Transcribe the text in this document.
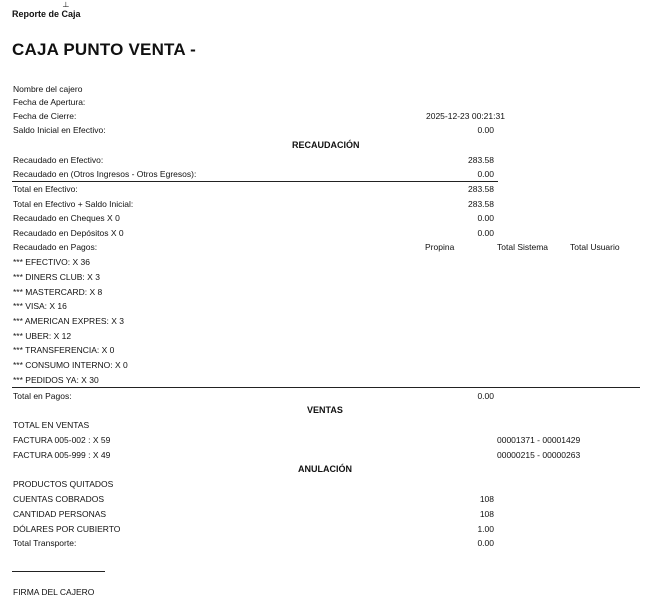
┴
Reporte de Caja
CAJA PUNTO VENTA -
Nombre del cajero
Fecha de Apertura:
Fecha de Cierre:	2025-12-23 00:21:31
Saldo Inicial en Efectivo:	0.00
RECAUDACIÓN
Recaudado en Efectivo:	283.58
Recaudado en (Otros Ingresos - Otros Egresos):	0.00
Total en Efectivo:	283.58
Total en Efectivo + Saldo Inicial:	283.58
Recaudado en Cheques X 0	0.00
Recaudado en Depósitos X 0	0.00
Recaudado en Pagos:	Propina	Total Sistema	Total Usuario
*** EFECTIVO: X 36
*** DINERS CLUB: X 3
*** MASTERCARD: X 8
*** VISA: X 16
*** AMERICAN EXPRES: X 3
*** UBER: X 12
*** TRANSFERENCIA: X 0
*** CONSUMO INTERNO: X 0
*** PEDIDOS YA: X 30
Total en Pagos:	0.00
VENTAS
TOTAL EN VENTAS
FACTURA 005-002 : X 59	00001371 - 00001429
FACTURA 005-999 : X 49	00000215 - 00000263
ANULACIÓN
PRODUCTOS QUITADOS
CUENTAS COBRADOS	108
CANTIDAD PERSONAS	108
DÓLARES POR CUBIERTO	1.00
Total Transporte:	0.00
FIRMA DEL CAJERO
